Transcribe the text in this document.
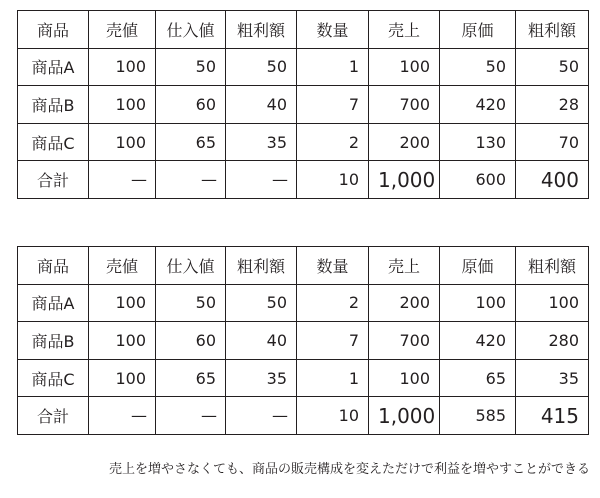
商品	売値	仕入値	粗利額	数量	売上	原価	粗利額
商品A	100	50	50	1	100	50	50
商品B	100	60	40	7	700	420	28
商品C	100	65	35	2	200	130	70
合計	—	—	—	10	1,000	600	400
商品	売値	仕入値	粗利額	数量	売上	原価	粗利額
商品A	100	50	50	2	200	100	100
商品B	100	60	40	7	700	420	280
商品C	100	65	35	1	100	65	35
合計	—	—	—	10	1,000	585	415
売上を増やさなくても、商品の販売構成を変えただけで利益を増やすことができる
